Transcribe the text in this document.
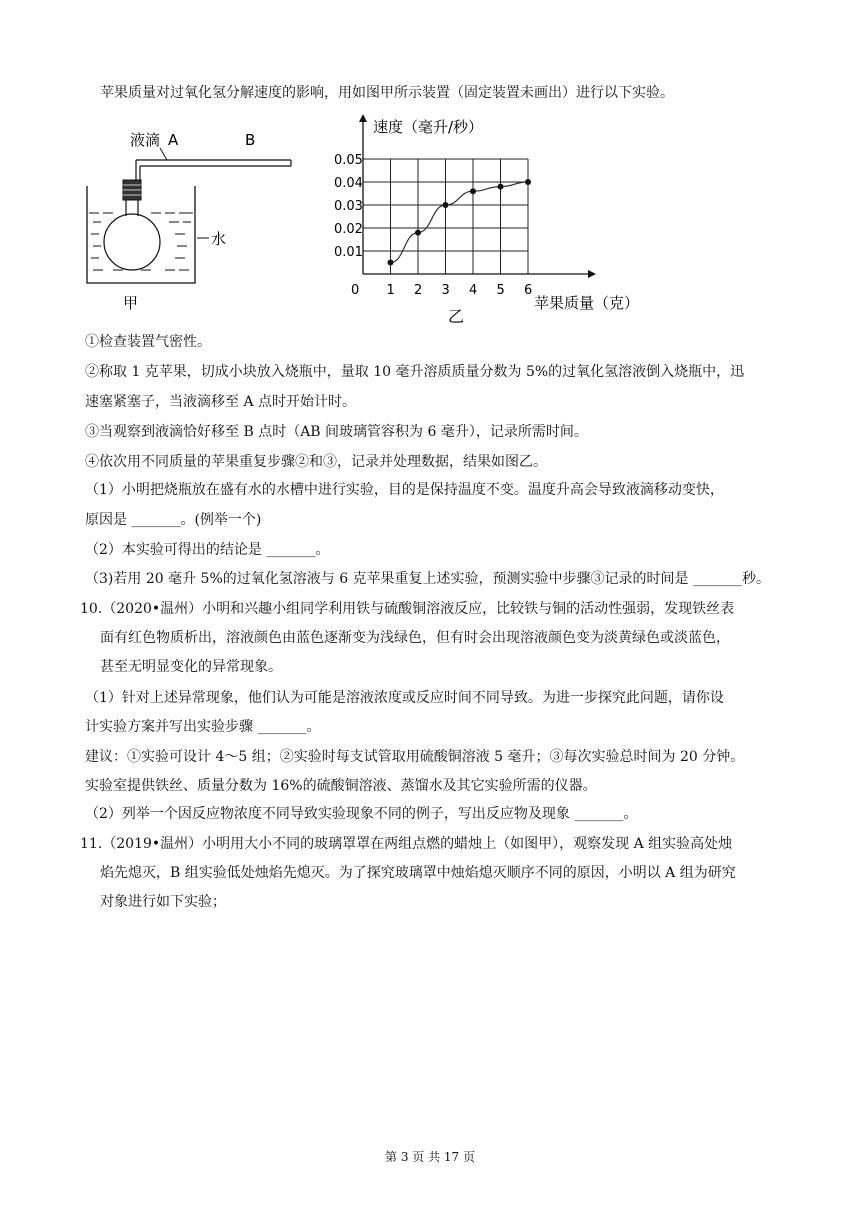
苹果质量对过氧化氢分解速度的影响，用如图甲所示装置（固定装置未画出）进行以下实验。
液滴 A	B
水
甲
速度（毫升/秒）
0 1 2 3 4 5 6
0.01
0.02
0.03
0.04
0.05
苹果质量（克）
乙
①检查装置气密性。
②称取 1 克苹果，切成小块放入烧瓶中，量取 10 毫升溶质质量分数为 5%的过氧化氢溶液倒入烧瓶中，迅
速塞紧塞子，当液滴移至 A 点时开始计时。
③当观察到液滴恰好移至 B 点时（AB 间玻璃管容积为 6 毫升），记录所需时间。
④依次用不同质量的苹果重复步骤②和③，记录并处理数据，结果如图乙。
（1）小明把烧瓶放在盛有水的水槽中进行实验，目的是保持温度不变。温度升高会导致液滴移动变快，
原因是 _______。(例举一个)
（2）本实验可得出的结论是 _______。
（3)若用 20 毫升 5%的过氧化氢溶液与 6 克苹果重复上述实验，预测实验中步骤③记录的时间是 _______秒。
10.（2020•温州）小明和兴趣小组同学利用铁与硫酸铜溶液反应，比较铁与铜的活动性强弱，发现铁丝表
面有红色物质析出，溶液颜色由蓝色逐渐变为浅绿色，但有时会出现溶液颜色变为淡黄绿色或淡蓝色，
甚至无明显变化的异常现象。
（1）针对上述异常现象，他们认为可能是溶液浓度或反应时间不同导致。为进一步探究此问题，请你设
计实验方案并写出实验步骤 _______。
建议：①实验可设计 4～5 组；②实验时每支试管取用硫酸铜溶液 5 毫升；③每次实验总时间为 20 分钟。
实验室提供铁丝、质量分数为 16%的硫酸铜溶液、蒸馏水及其它实验所需的仪器。
（2）列举一个因反应物浓度不同导致实验现象不同的例子，写出反应物及现象 _______。
11.（2019•温州）小明用大小不同的玻璃罩罩在两组点燃的蜡烛上（如图甲），观察发现 A 组实验高处烛
焰先熄灭，B 组实验低处烛焰先熄灭。为了探究玻璃罩中烛焰熄灭顺序不同的原因，小明以 A 组为研究
对象进行如下实验；
第 3 页 共 17 页
